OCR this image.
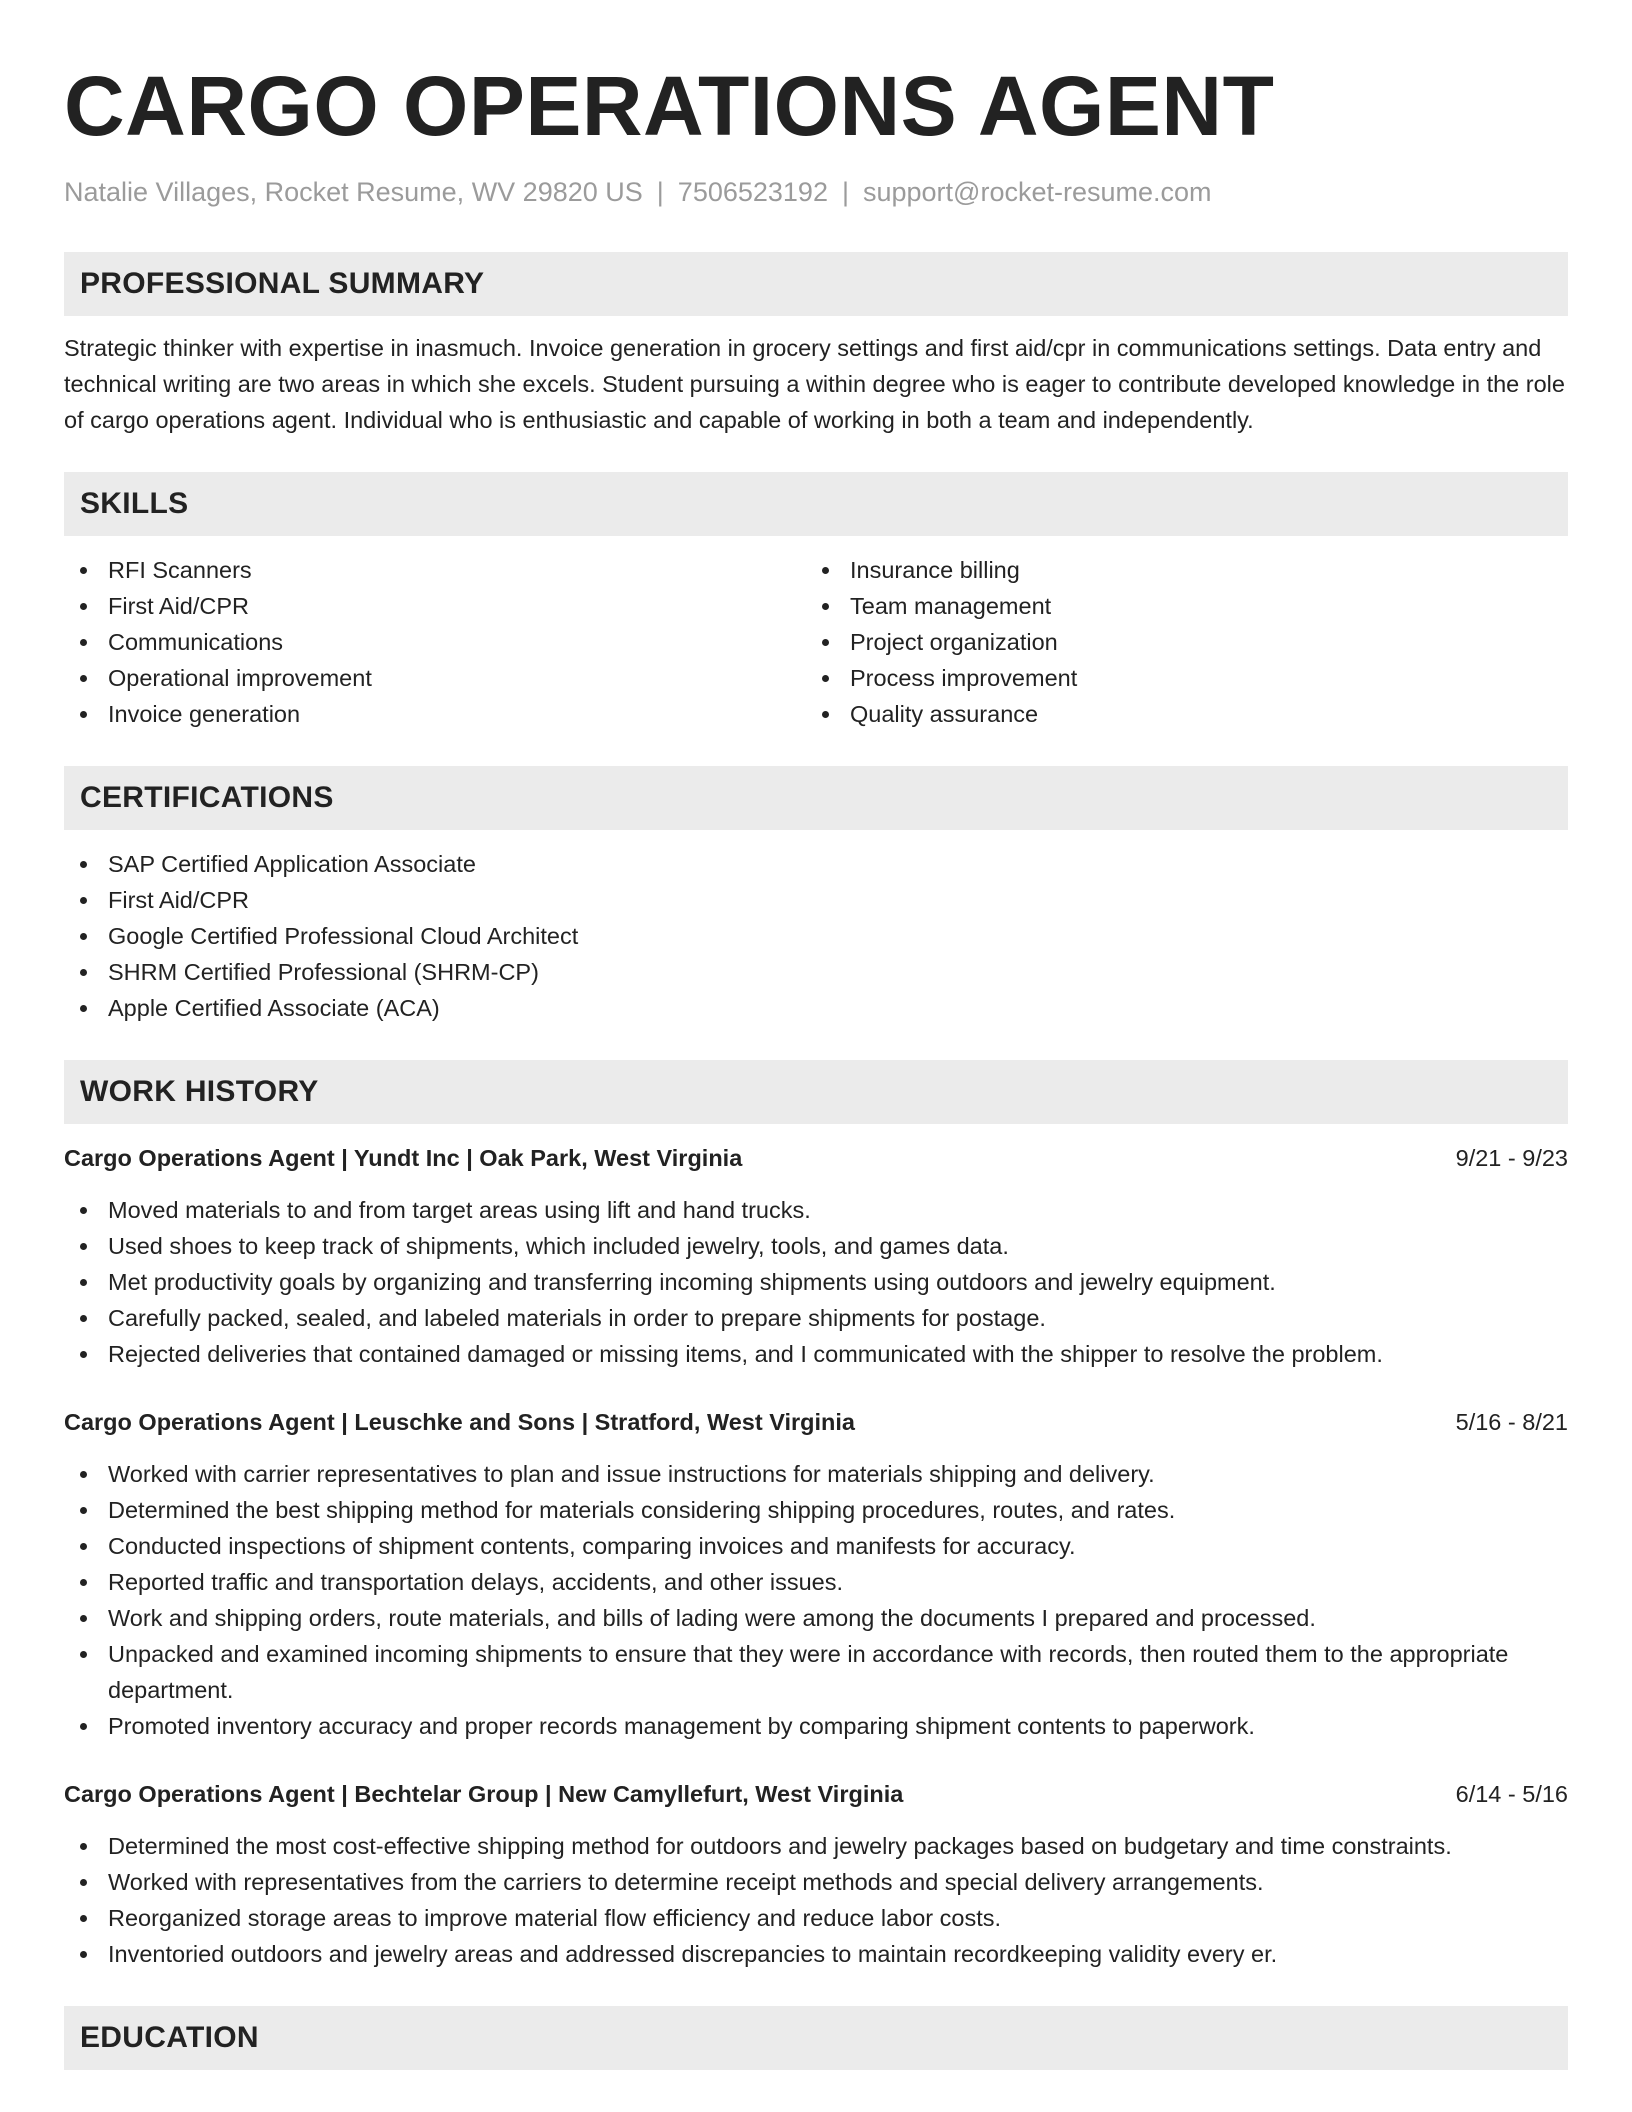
CARGO OPERATIONS AGENT
Natalie Villages, Rocket Resume, WV 29820 US | 7506523192 | support@rocket-resume.com
PROFESSIONAL SUMMARY

Strategic thinker with expertise in inasmuch. Invoice generation in grocery settings and first aid/cpr in communications settings. Data entry and technical writing are two areas in which she excels. Student pursuing a within degree who is eager to contribute developed knowledge in the role of cargo operations agent. Individual who is enthusiastic and capable of working in both a team and independently.

SKILLS
RFI Scanners
First Aid/CPR
Communications
Operational improvement
Invoice generation
Insurance billing
Team management
Project organization
Process improvement
Quality assurance
CERTIFICATIONS
SAP Certified Application Associate
First Aid/CPR
Google Certified Professional Cloud Architect
SHRM Certified Professional (SHRM-CP)
Apple Certified Associate (ACA)
WORK HISTORY
Cargo Operations Agent | Yundt Inc | Oak Park, West Virginia	9/21 - 9/23
Moved materials to and from target areas using lift and hand trucks.
Used shoes to keep track of shipments, which included jewelry, tools, and games data.
Met productivity goals by organizing and transferring incoming shipments using outdoors and jewelry equipment.
Carefully packed, sealed, and labeled materials in order to prepare shipments for postage.
Rejected deliveries that contained damaged or missing items, and I communicated with the shipper to resolve the problem.
Cargo Operations Agent | Leuschke and Sons | Stratford, West Virginia	5/16 - 8/21
Worked with carrier representatives to plan and issue instructions for materials shipping and delivery.
Determined the best shipping method for materials considering shipping procedures, routes, and rates.
Conducted inspections of shipment contents, comparing invoices and manifests for accuracy.
Reported traffic and transportation delays, accidents, and other issues.
Work and shipping orders, route materials, and bills of lading were among the documents I prepared and processed.
Unpacked and examined incoming shipments to ensure that they were in accordance with records, then routed them to the appropriate department.
Promoted inventory accuracy and proper records management by comparing shipment contents to paperwork.
Cargo Operations Agent | Bechtelar Group | New Camyllefurt, West Virginia	6/14 - 5/16
Determined the most cost-effective shipping method for outdoors and jewelry packages based on budgetary and time constraints.
Worked with representatives from the carriers to determine receipt methods and special delivery arrangements.
Reorganized storage areas to improve material flow efficiency and reduce labor costs.
Inventoried outdoors and jewelry areas and addressed discrepancies to maintain recordkeeping validity every er.
EDUCATION
